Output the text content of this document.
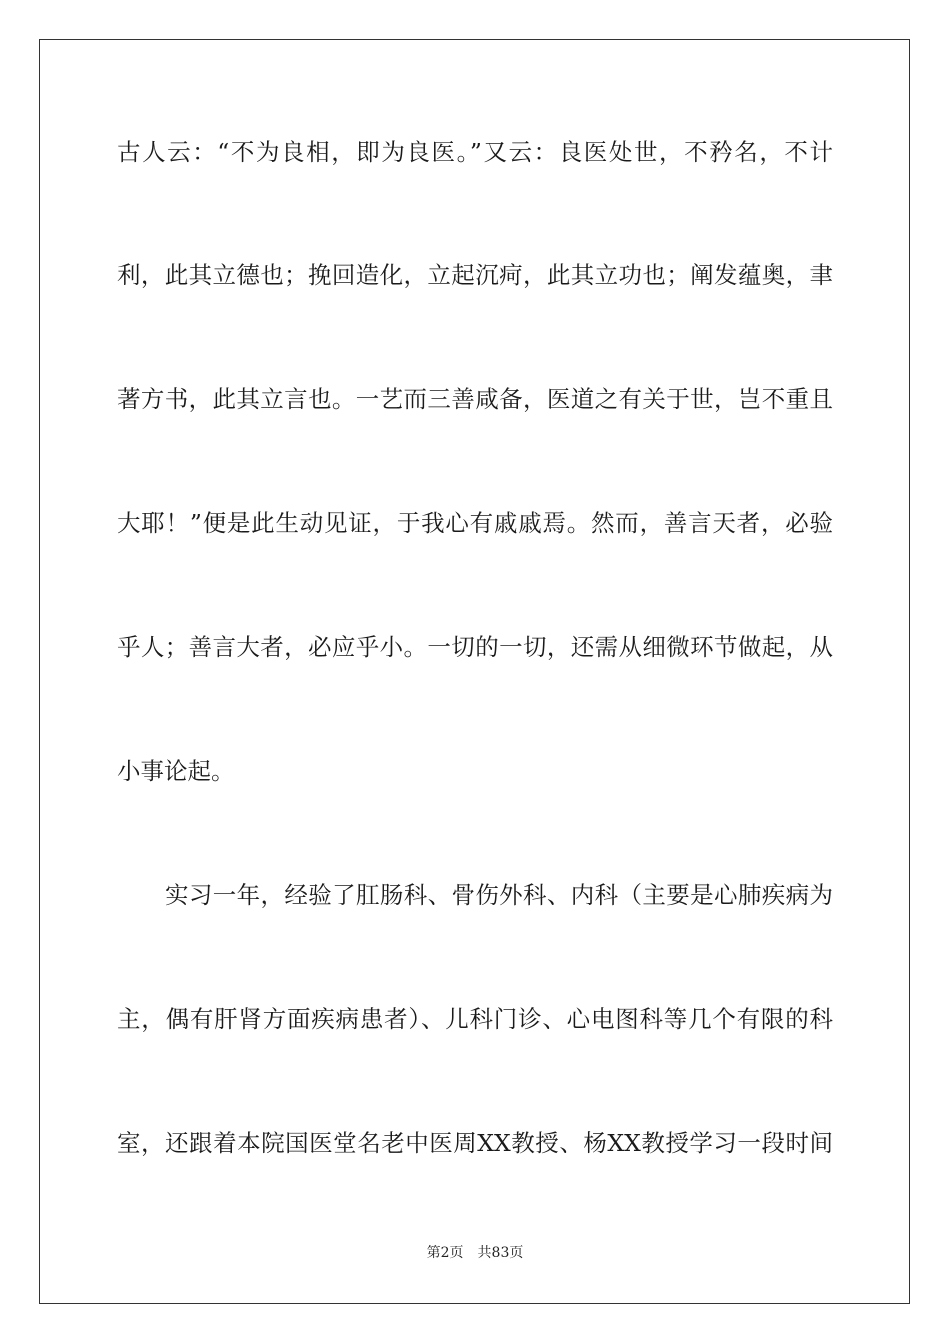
古人云：“不为良相，即为良医。”又云：良医处世，不矜名，不计
利，此其立德也；挽回造化，立起沉疴，此其立功也；阐发蕴奥，聿
著方书，此其立言也。一艺而三善咸备，医道之有关于世，岂不重且
大耶！”便是此生动见证，于我心有戚戚焉。然而，善言天者，必验
乎人；善言大者，必应乎小。一切的一切，还需从细微环节做起，从
小事论起。
实习一年，经验了肛肠科、骨伤外科、内科（主要是心肺疾病为
主，偶有肝肾方面疾病患者）、儿科门诊、心电图科等几个有限的科
室，还跟着本院国医堂名老中医周XX教授、杨XX教授学习一段时间
第2页 共83页
